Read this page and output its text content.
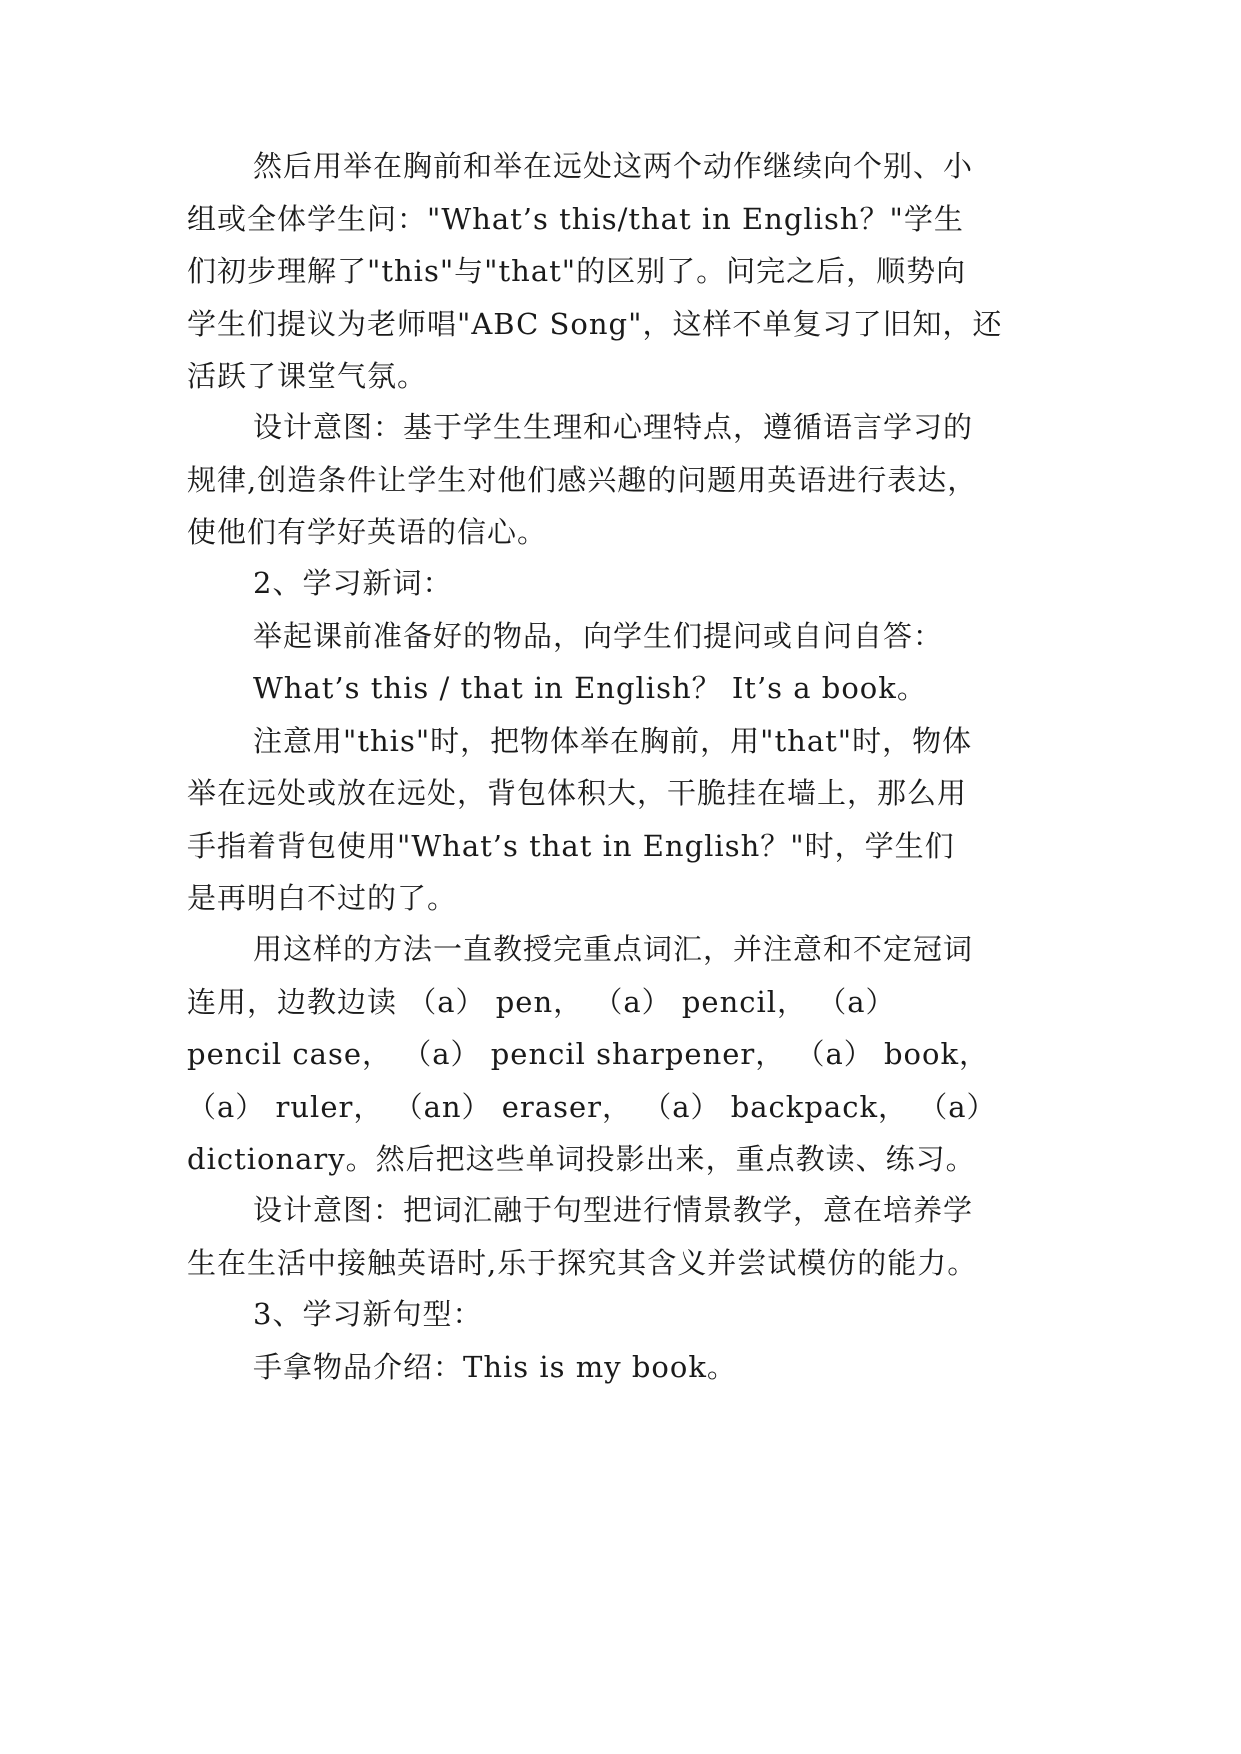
然后用举在胸前和举在远处这两个动作继续向个别、小
组或全体学生问："What’s this/that in English？"学生
们初步理解了"this"与"that"的区别了。问完之后，顺势向
学生们提议为老师唱"ABC Song"，这样不单复习了旧知，还
活跃了课堂气氛。
设计意图：基于学生生理和心理特点，遵循语言学习的
规律,创造条件让学生对他们感兴趣的问题用英语进行表达，
使他们有学好英语的信心。
2、学习新词：
举起课前准备好的物品，向学生们提问或自问自答：
What’s this / that in English？ It’s a book。
注意用"this"时，把物体举在胸前，用"that"时，物体
举在远处或放在远处，背包体积大，干脆挂在墙上，那么用
手指着背包使用"What’s that in English？"时，学生们
是再明白不过的了。
用这样的方法一直教授完重点词汇，并注意和不定冠词
连用，边教边读 （a） pen， （a） pencil， （a）
pencil case， （a） pencil sharpener， （a） book，
（a） ruler， （an） eraser， （a） backpack， （a）
dictionary。然后把这些单词投影出来，重点教读、练习。
设计意图：把词汇融于句型进行情景教学，意在培养学
生在生活中接触英语时,乐于探究其含义并尝试模仿的能力。
3、学习新句型：
手拿物品介绍：This is my book。
